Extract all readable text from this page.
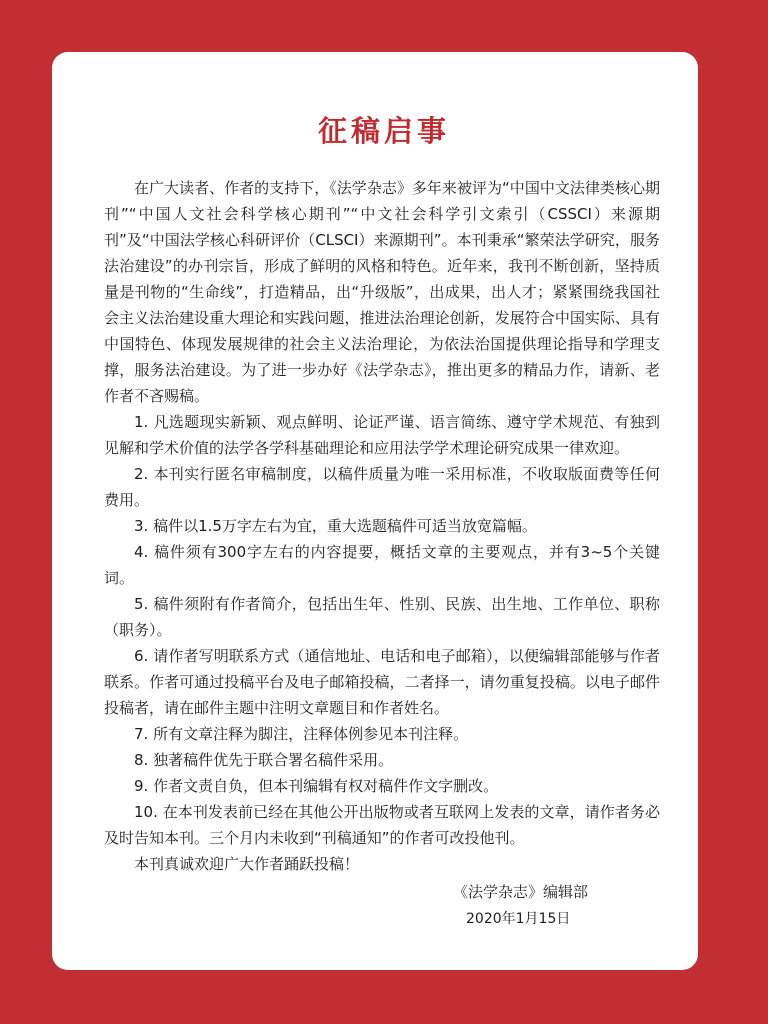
征稿启事

在广大读者、作者的支持下，《法学杂志》多年来被评为“中国中文法律类核心期刊”“中国人文社会科学核心期刊”“中文社会科学引文索引（CSSCI）来源期刊”及“中国法学核心科研评价（CLSCI）来源期刊”。本刊秉承“繁荣法学研究，服务法治建设”的办刊宗旨，形成了鲜明的风格和特色。近年来，我刊不断创新，坚持质量是刊物的“生命线”，打造精品，出“升级版”，出成果，出人才；紧紧围绕我国社会主义法治建设重大理论和实践问题，推进法治理论创新，发展符合中国实际、具有中国特色、体现发展规律的社会主义法治理论，为依法治国提供理论指导和学理支撑，服务法治建设。为了进一步办好《法学杂志》，推出更多的精品力作，请新、老作者不吝赐稿。

1. 凡选题现实新颖、观点鲜明、论证严谨、语言简练、遵守学术规范、有独到见解和学术价值的法学各学科基础理论和应用法学学术理论研究成果一律欢迎。

2. 本刊实行匿名审稿制度，以稿件质量为唯一采用标准，不收取版面费等任何费用。

3. 稿件以1.5万字左右为宜，重大选题稿件可适当放宽篇幅。

4. 稿件须有300字左右的内容提要，概括文章的主要观点，并有3~5个关键词。

5. 稿件须附有作者简介，包括出生年、性别、民族、出生地、工作单位、职称（职务）。

6. 请作者写明联系方式（通信地址、电话和电子邮箱），以便编辑部能够与作者联系。作者可通过投稿平台及电子邮箱投稿，二者择一，请勿重复投稿。以电子邮件投稿者，请在邮件主题中注明文章题目和作者姓名。

7. 所有文章注释为脚注，注释体例参见本刊注释。

8. 独著稿件优先于联合署名稿件采用。

9. 作者文责自负，但本刊编辑有权对稿件作文字删改。

10. 在本刊发表前已经在其他公开出版物或者互联网上发表的文章，请作者务必及时告知本刊。三个月内未收到“刊稿通知”的作者可改投他刊。

本刊真诚欢迎广大作者踊跃投稿！

《法学杂志》编辑部
2020年1月15日
